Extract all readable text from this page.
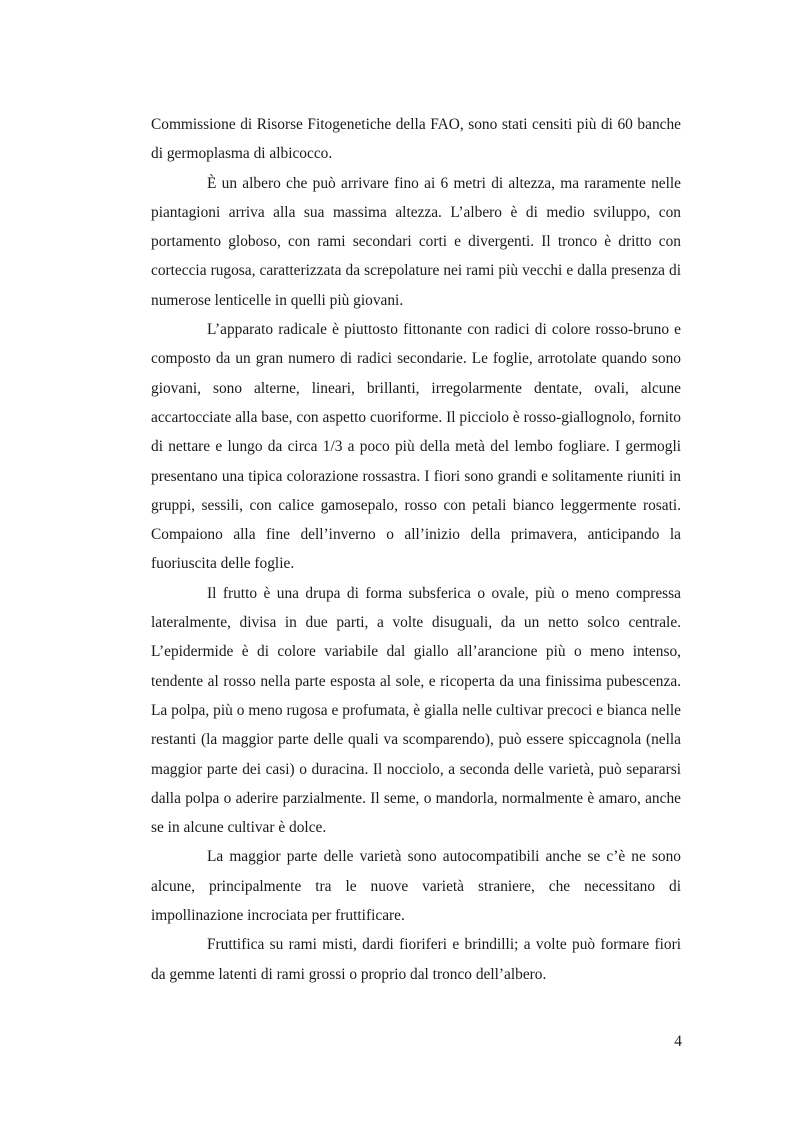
Commissione di Risorse Fitogenetiche della FAO, sono stati censiti più di 60 banche di germoplasma di albicocco.

È un albero che può arrivare fino ai 6 metri di altezza, ma raramente nelle piantagioni arriva alla sua massima altezza. L’albero è di medio sviluppo, con portamento globoso, con rami secondari corti e divergenti. Il tronco è dritto con corteccia rugosa, caratterizzata da screpolature nei rami più vecchi e dalla presenza di numerose lenticelle in quelli più giovani.

L’apparato radicale è piuttosto fittonante con radici di colore rosso-bruno e composto da un gran numero di radici secondarie. Le foglie, arrotolate quando sono giovani, sono alterne, lineari, brillanti, irregolarmente dentate, ovali, alcune accartocciate alla base, con aspetto cuoriforme. Il picciolo è rosso-giallognolo, fornito di nettare e lungo da circa 1/3 a poco più della metà del lembo fogliare. I germogli presentano una tipica colorazione rossastra. I fiori sono grandi e solitamente riuniti in gruppi, sessili, con calice gamosepalo, rosso con petali bianco leggermente rosati. Compaiono alla fine dell’inverno o all’inizio della primavera, anticipando la fuoriuscita delle foglie.

Il frutto è una drupa di forma subsferica o ovale, più o meno compressa lateralmente, divisa in due parti, a volte disuguali, da un netto solco centrale. L’epidermide è di colore variabile dal giallo all’arancione più o meno intenso, tendente al rosso nella parte esposta al sole, e ricoperta da una finissima pubescenza. La polpa, più o meno rugosa e profumata, è gialla nelle cultivar precoci e bianca nelle restanti (la maggior parte delle quali va scomparendo), può essere spiccagnola (nella maggior parte dei casi) o duracina. Il nocciolo, a seconda delle varietà, può separarsi dalla polpa o aderire parzialmente. Il seme, o mandorla, normalmente è amaro, anche se in alcune cultivar è dolce.

La maggior parte delle varietà sono autocompatibili anche se c’è ne sono alcune, principalmente tra le nuove varietà straniere, che necessitano di impollinazione incrociata per fruttificare.

Fruttifica su rami misti, dardi fioriferi e brindilli; a volte può formare fiori da gemme latenti di rami grossi o proprio dal tronco dell’albero.

4
